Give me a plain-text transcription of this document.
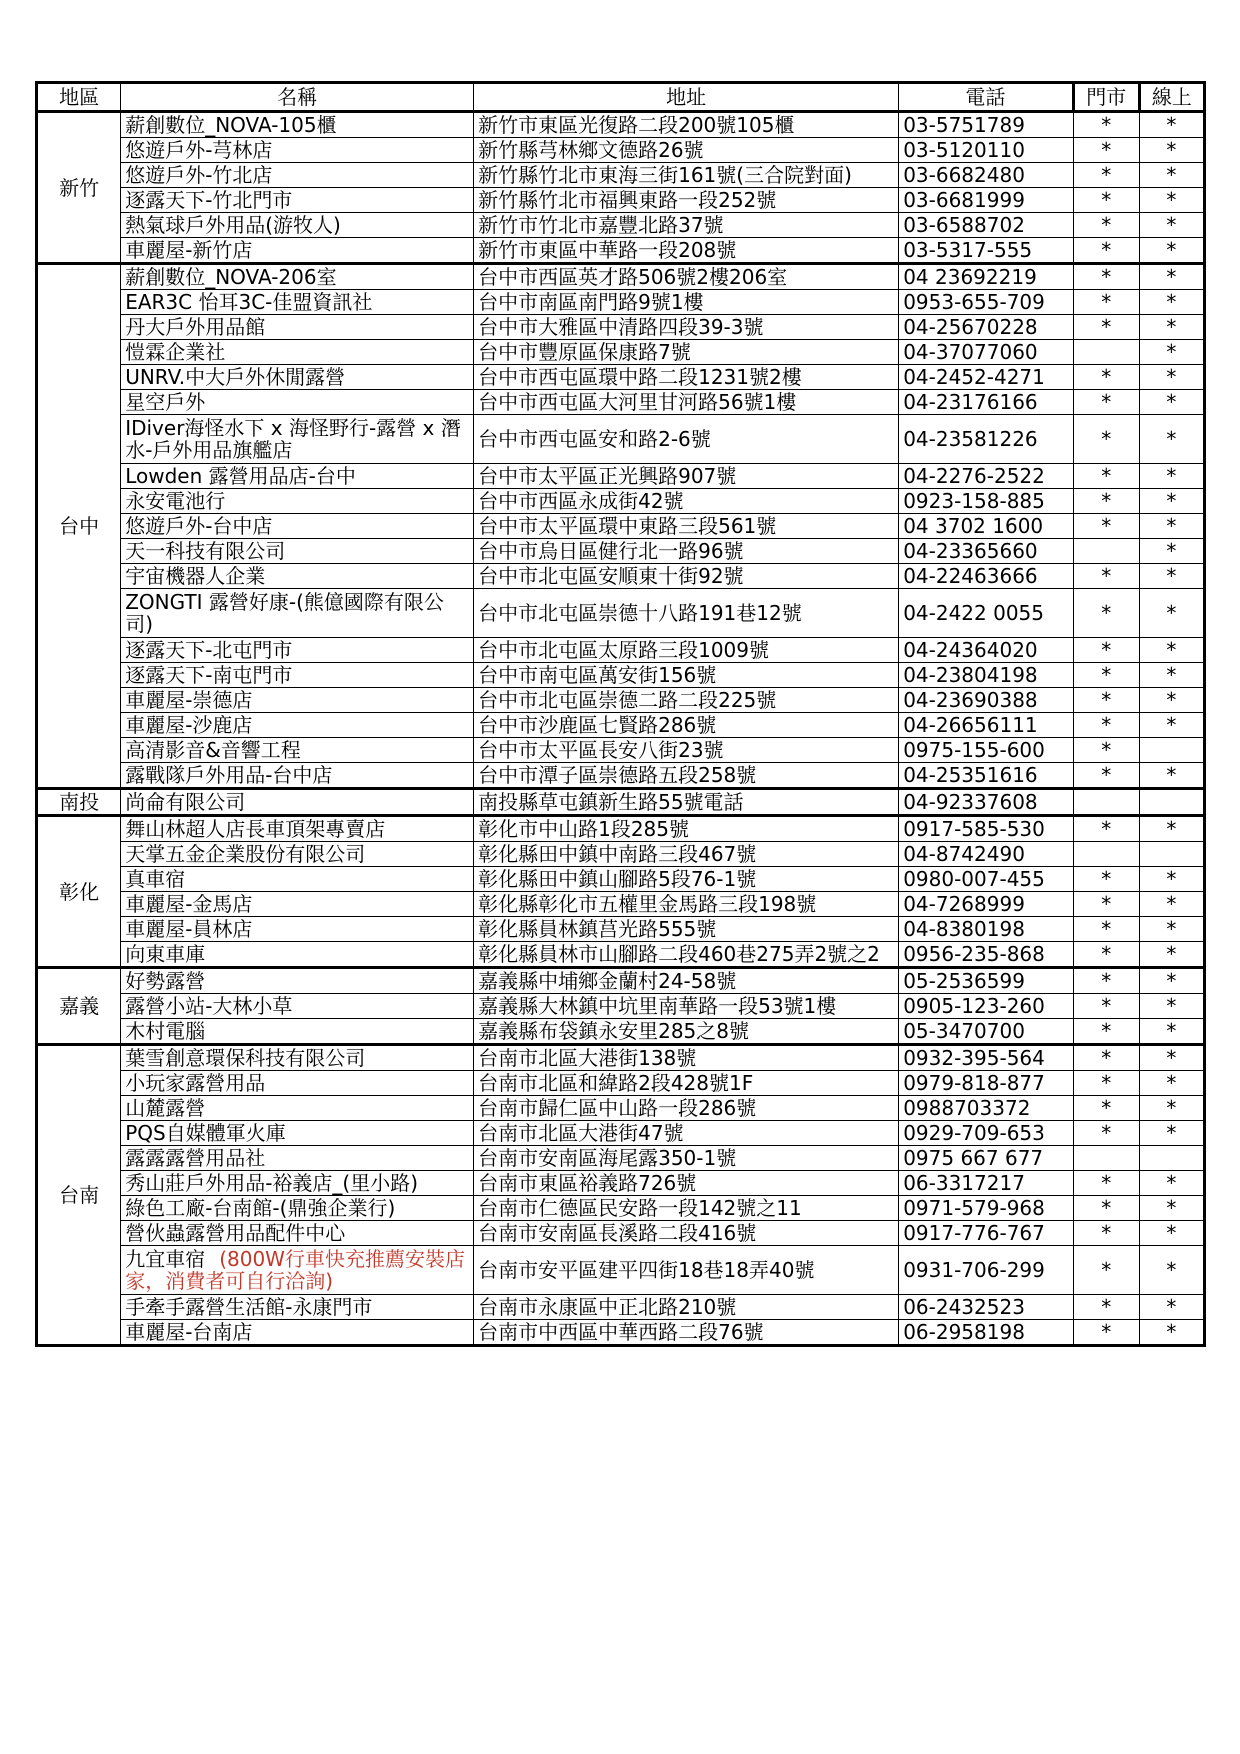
地區	名稱	地址	電話	門市	線上
新竹	薪創數位_NOVA-105櫃	新竹市東區光復路二段200號105櫃	03-5751789	*	*
	悠遊戶外-芎林店	新竹縣芎林鄉文德路26號	03-5120110	*	*
	悠遊戶外-竹北店	新竹縣竹北市東海三街161號(三合院對面)	03-6682480	*	*
	逐露天下-竹北門市	新竹縣竹北市福興東路一段252號	03-6681999	*	*
	熱氣球戶外用品(游牧人)	新竹市竹北市嘉豐北路37號	03-6588702	*	*
	車麗屋-新竹店	新竹市東區中華路一段208號	03-5317-555	*	*
台中	薪創數位_NOVA-206室	台中市西區英才路506號2樓206室	04 23692219	*	*
	EAR3C 怡耳3C-佳盟資訊社	台中市南區南門路9號1樓	0953-655-709	*	*
	丹大戶外用品館	台中市大雅區中清路四段39-3號	04-25670228	*	*
	愷霖企業社	台中市豐原區保康路7號	04-37077060		*
	UNRV.中大戶外休閒露營	台中市西屯區環中路二段1231號2樓	04-2452-4271	*	*
	星空戶外	台中市西屯區大河里甘河路56號1樓	04-23176166	*	*
	IDiver海怪水下 x 海怪野行-露營 x 潛水-戶外用品旗艦店	台中市西屯區安和路2-6號	04-23581226	*	*
	Lowden 露營用品店-台中	台中市太平區正光興路907號	04-2276-2522	*	*
	永安電池行	台中市西區永成街42號	0923-158-885	*	*
	悠遊戶外-台中店	台中市太平區環中東路三段561號	04 3702 1600	*	*
	天一科技有限公司	台中市烏日區健行北一路96號	04-23365660		*
	宇宙機器人企業	台中市北屯區安順東十街92號	04-22463666	*	*
	ZONGTI 露營好康-(熊億國際有限公司)	台中市北屯區崇德十八路191巷12號	04-2422 0055	*	*
	逐露天下-北屯門市	台中市北屯區太原路三段1009號	04-24364020	*	*
	逐露天下-南屯門市	台中市南屯區萬安街156號	04-23804198	*	*
	車麗屋-崇德店	台中市北屯區崇德二路二段225號	04-23690388	*	*
	車麗屋-沙鹿店	台中市沙鹿區七賢路286號	04-26656111	*	*
	高清影音&音響工程	台中市太平區長安八街23號	0975-155-600	*	
	露戰隊戶外用品-台中店	台中市潭子區崇德路五段258號	04-25351616	*	*
南投	尚侖有限公司	南投縣草屯鎮新生路55號電話	04-92337608		
彰化	舞山林超人店長車頂架專賣店	彰化市中山路1段285號	0917-585-530	*	*
	天掌五金企業股份有限公司	彰化縣田中鎮中南路三段467號	04-8742490		
	真車宿	彰化縣田中鎮山腳路5段76-1號	0980-007-455	*	*
	車麗屋-金馬店	彰化縣彰化市五權里金馬路三段198號	04-7268999	*	*
	車麗屋-員林店	彰化縣員林鎮莒光路555號	04-8380198	*	*
	向東車庫	彰化縣員林市山腳路二段460巷275弄2號之2	0956-235-868	*	*
嘉義	好勢露營	嘉義縣中埔鄉金蘭村24-58號	05-2536599	*	*
	露營小站-大林小草	嘉義縣大林鎮中坑里南華路一段53號1樓	0905-123-260	*	*
	木村電腦	嘉義縣布袋鎮永安里285之8號	05-3470700	*	*
台南	葉雪創意環保科技有限公司	台南市北區大港街138號	0932-395-564	*	*
	小玩家露營用品	台南市北區和緯路2段428號1F	0979-818-877	*	*
	山麓露營	台南市歸仁區中山路一段286號	0988703372	*	*
	PQS自媒體軍火庫	台南市北區大港街47號	0929-709-653	*	*
	露露露營用品社	台南市安南區海尾露350-1號	0975 667 677		
	秀山莊戶外用品-裕義店_(里小路)	台南市東區裕義路726號	06-3317217	*	*
	綠色工廠-台南館-(鼎強企業行)	台南市仁德區民安路一段142號之11	0971-579-968	*	*
	營伙蟲露營用品配件中心	台南市安南區長溪路二段416號	0917-776-767	*	*
	九宜車宿 (800W行車快充推薦安裝店家，消費者可自行洽詢)	台南市安平區建平四街18巷18弄40號	0931-706-299	*	*
	手牽手露營生活館-永康門市	台南市永康區中正北路210號	06-2432523	*	*
	車麗屋-台南店	台南市中西區中華西路二段76號	06-2958198	*	*
